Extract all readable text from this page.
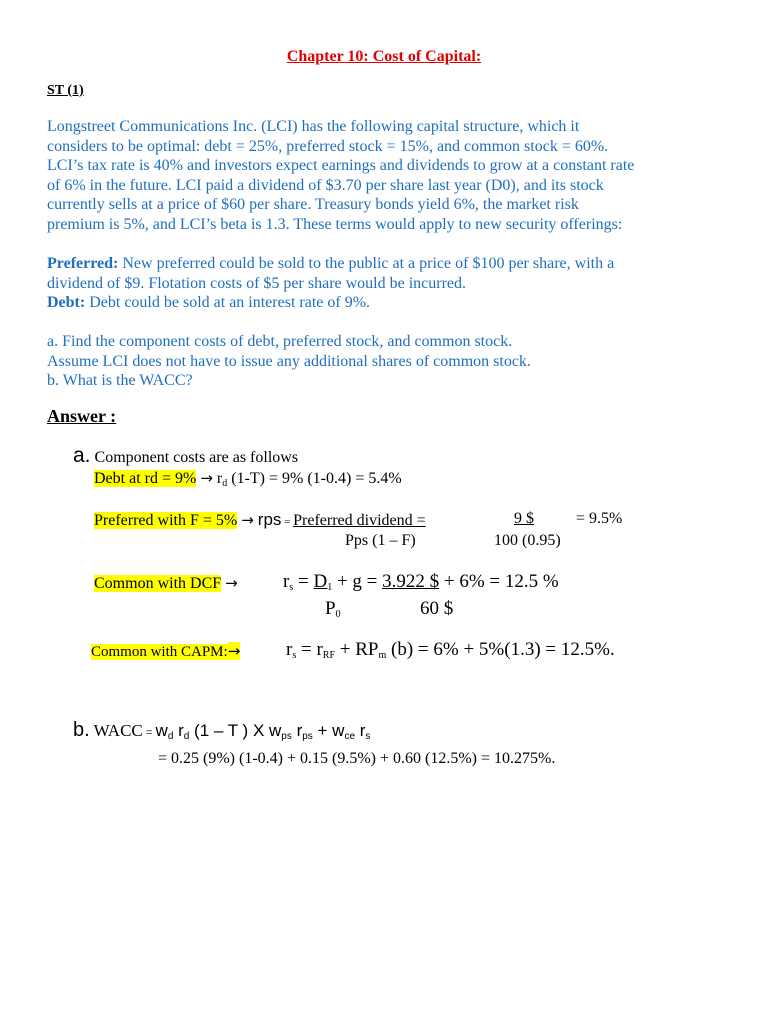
Chapter 10: Cost of Capital:
ST (1)
Longstreet Communications Inc. (LCI) has the following capital structure, which it
considers to be optimal: debt = 25%, preferred stock = 15%, and common stock = 60%.
LCI’s tax rate is 40% and investors expect earnings and dividends to grow at a constant rate
of 6% in the future. LCI paid a dividend of $3.70 per share last year (D0), and its stock
currently sells at a price of $60 per share. Treasury bonds yield 6%, the market risk
premium is 5%, and LCI’s beta is 1.3. These terms would apply to new security offerings:
Preferred: New preferred could be sold to the public at a price of $100 per share, with a
dividend of $9. Flotation costs of $5 per share would be incurred.
Debt: Debt could be sold at an interest rate of 9%.
a. Find the component costs of debt, preferred stock, and common stock.
Assume LCI does not have to issue any additional shares of common stock.
b. What is the WACC?
Answer :
a. Component costs are as follows
Debt at rd = $9\% \to r_d$ (1-T) = 9% (1-0.4) = 5.4%
Preferred with F = 5% → rps = Preferred dividend =	9 $	= 9.5%
Pps (1 – F)	100 (0.95)
Common with DCF → $r_s = D_1 + g = 3.922$ $ + 6% = 12.5 %
$P_0$	60 $
Common with CAPM:→ $r_s = r_{RF} + RP_m$ (b) = 6% + 5%(1.3) = 12.5%.
b. WACC = $w_d$ $r_d$ (1 – T ) X $w_{ps}$ $r_{ps} + w_{ce}$ $r_s$
= 0.25 (9%) (1-0.4) + 0.15 (9.5%) + 0.60 (12.5%) = 10.275%.
